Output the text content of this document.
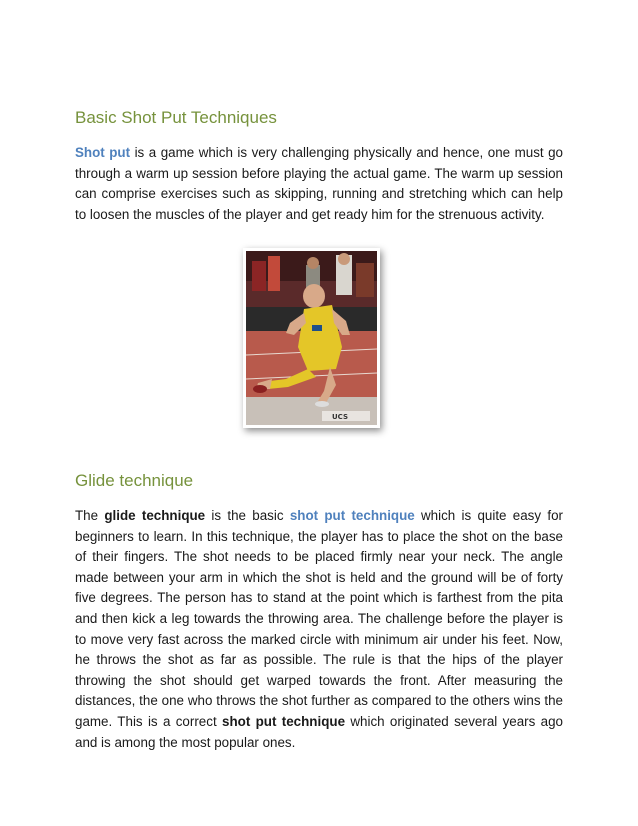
Basic Shot Put Techniques

Shot put is a game which is very challenging physically and hence, one must go through a warm up session before playing the actual game. The warm up session can comprise exercises such as skipping, running and stretching which can help to loosen the muscles of the player and get ready him for the strenuous activity.

Glide technique

The glide technique is the basic shot put technique which is quite easy for beginners to learn. In this technique, the player has to place the shot on the base of their fingers. The shot needs to be placed firmly near your neck. The angle made between your arm in which the shot is held and the ground will be of forty five degrees. The person has to stand at the point which is farthest from the pita and then kick a leg towards the throwing area. The challenge before the player is to move very fast across the marked circle with minimum air under his feet. Now, he throws the shot as far as possible. The rule is that the hips of the player throwing the shot should get warped towards the front. After measuring the distances, the one who throws the shot further as compared to the others wins the game. This is a correct shot put technique which originated several years ago and is among the most popular ones.

UCS
